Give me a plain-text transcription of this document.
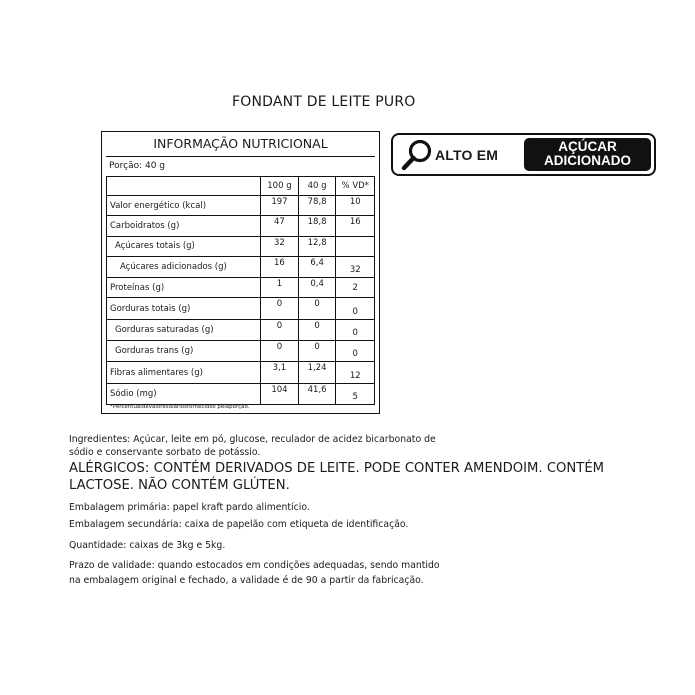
FONDANT DE LEITE PURO
INFORMAÇÃO NUTRICIONAL
Porção: 40 g
	100 g	40 g	% VD*
Valor energético (kcal)	197	78,8	10
Carboidratos (g)	47	18,8	16
Açúcares totais (g)	32	12,8	
Açúcares adicionados (g)	16	6,4	32
Proteínas (g)	1	0,4	2
Gorduras totais (g)	0	0	0
Gorduras saturadas (g)	0	0	0
Gorduras trans (g)	0	0	0
Fibras alimentares (g)	3,1	1,24	12
Sódio (mg)	104	41,6	5
*Percentualdevaloresdiáriosfornecidos pelaporção.
ALTO EM
AÇÚCAR
ADICIONADO
Ingredientes: Açúcar, leite em pó, glucose, reculador de acidez bicarbonato de
sódio e conservante sorbato de potássio.
ALÉRGICOS: CONTÉM DERIVADOS DE LEITE. PODE CONTER AMENDOIM. CONTÉM
LACTOSE. NÃO CONTÉM GLÚTEN.
Embalagem primária: papel kraft pardo alimentício.
Embalagem secundária: caixa de papelão com etiqueta de identificação.
Quantidade: caixas de 3kg e 5kg.
Prazo de validade: quando estocados em condições adequadas, sendo mantido
na embalagem original e fechado, a validade é de 90 a partir da fabricação.
